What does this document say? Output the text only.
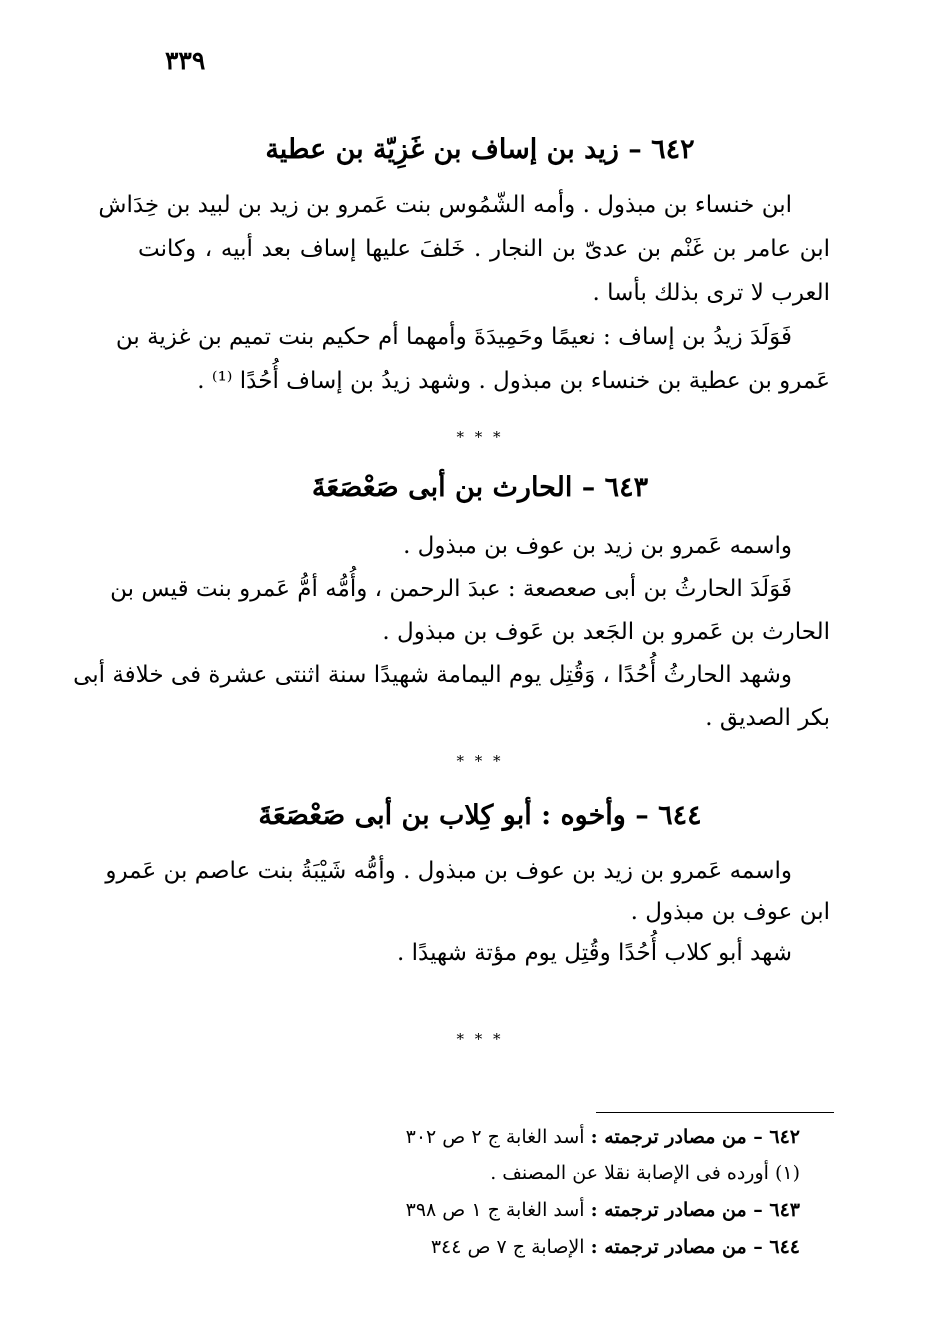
٣٣٩
٦٤٢ – زيد بن إساف بن غَزِيّة بن عطية
ابن خنساء بن مبذول . وأمه الشّمُوس بنت عَمرو بن زيد بن لبيد بن خِدَاش
ابن عامر بن غَنْم بن عدىّ بن النجار . خَلفَ عليها إساف بعد أبيه ، وكانت
العرب لا ترى بذلك بأسا .
فَوَلَدَ زيدُ بن إساف : نعيمًا وحَمِيدَةَ وأمهما أم حكيم بنت تميم بن غزية بن
عَمرو بن عطية بن خنساء بن مبذول . وشهد زيدُ بن إساف أُحُدًا ⁽¹⁾ .
* * *
٦٤٣ – الحارث بن أبى صَعْصَعَةَ
واسمه عَمرو بن زيد بن عوف بن مبذول .
فَوَلَدَ الحارثُ بن أبى صعصعة : عبدَ الرحمن ، وأُمُّه أمُّ عَمرو بنت قيس بن
الحارث بن عَمرو بن الجَعد بن عَوف بن مبذول .
وشهد الحارثُ أُحُدًا ، وَقُتِل يوم اليمامة شهيدًا سنة اثنتى عشرة فى خلافة أبى
بكر الصديق .
* * *
٦٤٤ – وأخوه : أبو كِلاب بن أبى صَعْصَعَةَ
واسمه عَمرو بن زيد بن عوف بن مبذول . وأمُّه شَيْبَةُ بنت عاصم بن عَمرو
ابن عوف بن مبذول .
شهد أبو كلاب أُحُدًا وقُتِل يوم مؤتة شهيدًا .
* * *
٦٤٢ – من مصادر ترجمته : أسد الغابة ج ٢ ص ٣٠٢
(١) أورده فى الإصابة نقلا عن المصنف .
٦٤٣ – من مصادر ترجمته : أسد الغابة ج ١ ص ٣٩٨
٦٤٤ – من مصادر ترجمته : الإصابة ج ٧ ص ٣٤٤
